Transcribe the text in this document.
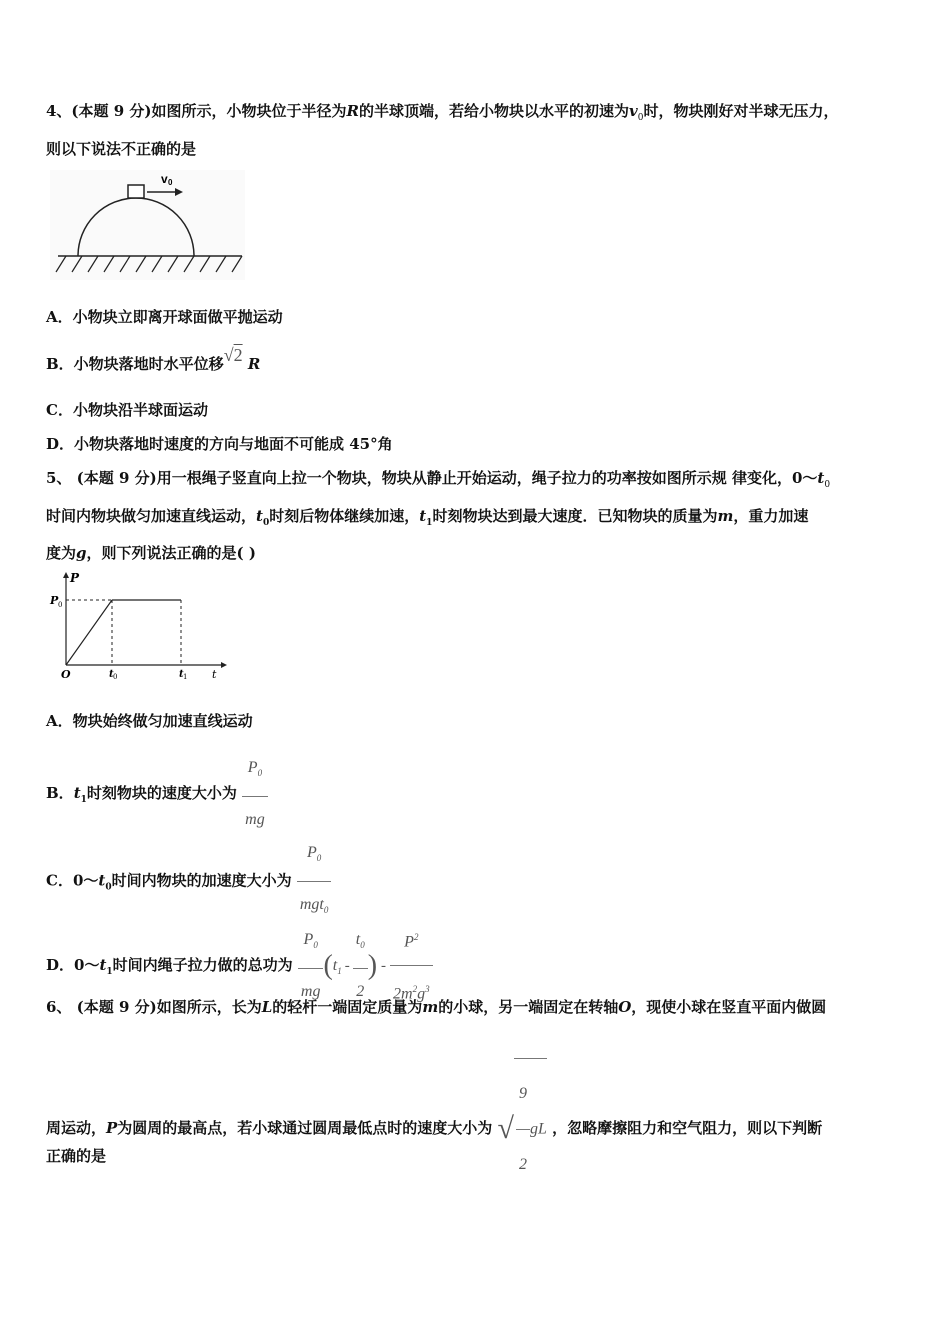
4、(本题 9 分)如图所示，小物块位于半径为R的半球顶端，若给小物块以水平的初速为$v_0$时，物块刚好对半球无压力，
则以下说法不正确的是
v 0
A．小物块立即离开球面做平抛运动
B．小物块落地时水平位移√2 R
C．小物块沿半球面运动
D．小物块落地时速度的方向与地面不可能成 45°角
5、 (本题 9 分)用一根绳子竖直向上拉一个物块，物块从静止开始运动，绳子拉力的功率按如图所示规 律变化，$0\sim t_0$
时间内物块做匀加速直线运动，$t_0$时刻后物体继续加速，$t_1$时刻物块达到最大速度．已知物块的质量为m，重力加速
度为g，则下列说法正确的是( )
P
P 0
O	t 0	t 1 t
A．物块始终做匀加速直线运动
B．$t_1$时刻物块的速度大小为 $\frac{P_0}{mg}$
C．$0\sim t_0$时间内物块的加速度大小为 $\frac{P_0}{mgt_0}$
D．$0\sim t_1$时间内绳子拉力做的总功为 $\frac{P_0}{mg} (t_1 - \frac{t_0}{2}$ ) - $\frac{P^2}{2m^2g^3}$
6、 (本题 9 分)如图所示，长为L的轻杆一端固定质量为m的小球，另一端固定在转轴O，现使小球在竖直平面内做圆
周运动，P为圆周的最高点，若小球通过圆周最低点时的速度大小为 √ $\frac{9}{2}$ gL ，忽略摩擦阻力和空气阻力，则以下判断
正确的是
